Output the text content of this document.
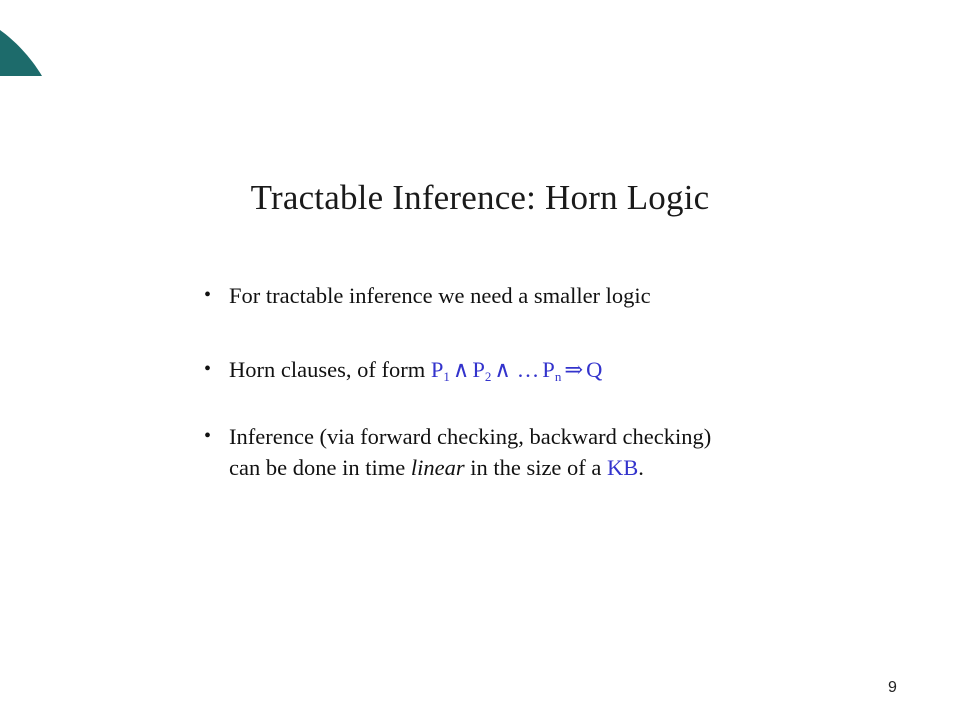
Tractable Inference: Horn Logic
• For tractable inference we need a smaller logic
• Horn clauses, of form $P_1$ ∧ $P_2$ ∧ … $P_n$ ⇒ Q
• Inference (via forward checking, backward checking)
can be done in time linear in the size of a KB.
9
